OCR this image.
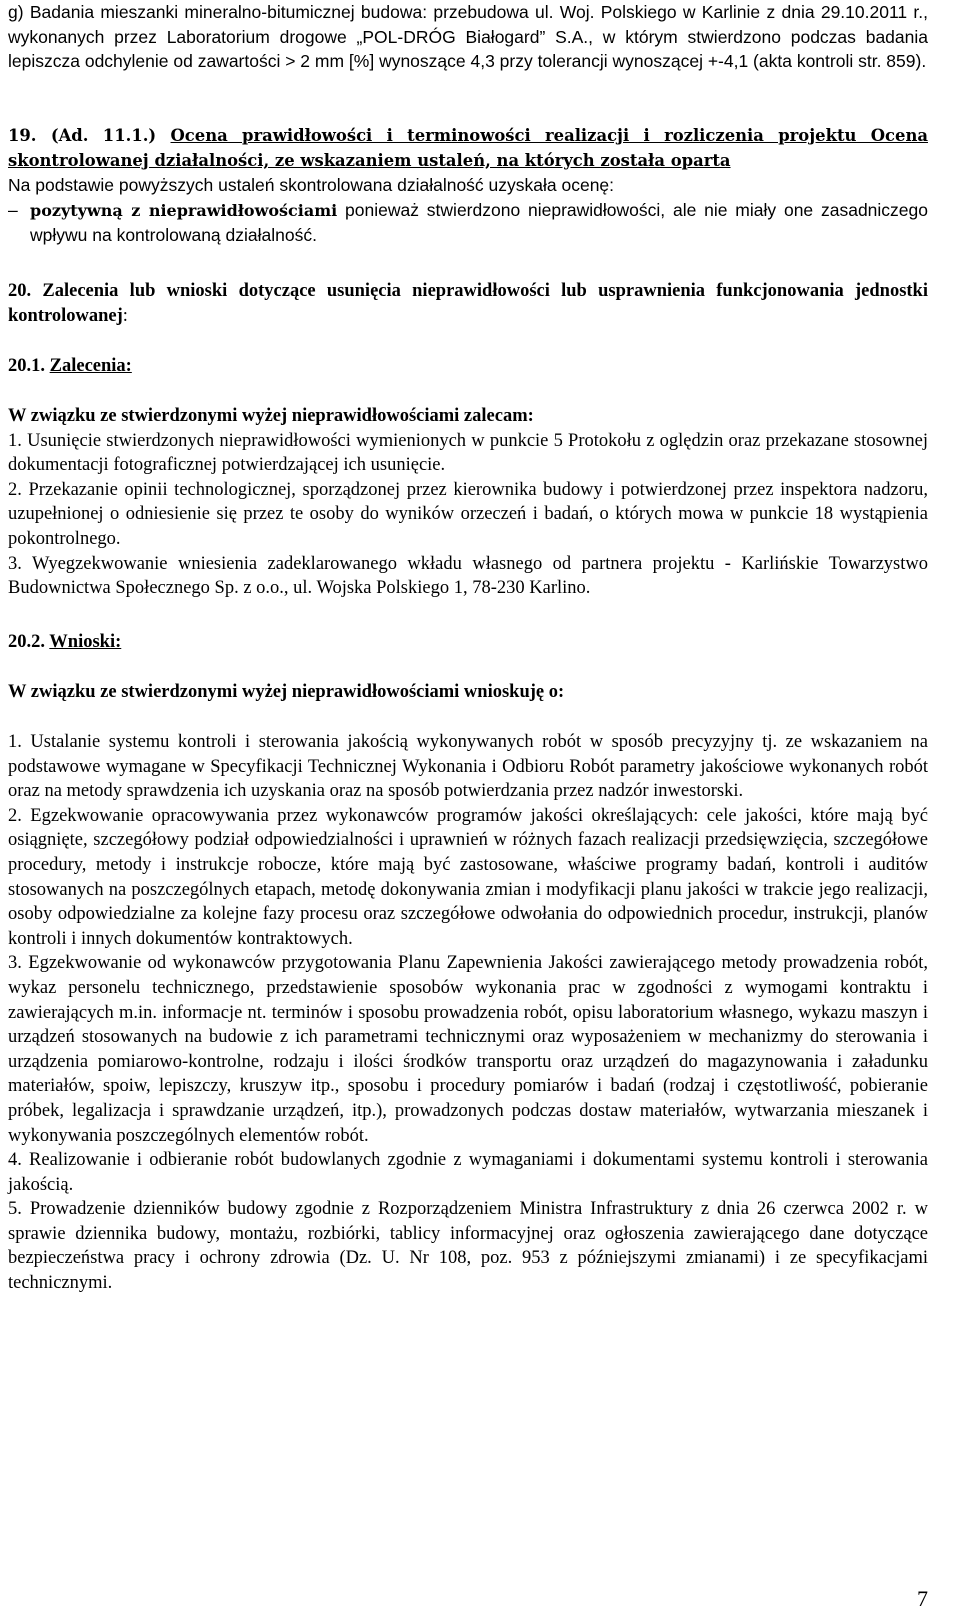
g) Badania mieszanki mineralno-bitumicznej budowa: przebudowa ul. Woj. Polskiego w Karlinie z dnia 29.10.2011 r., wykonanych przez Laboratorium drogowe „POL-DRÓG Białogard” S.A., w którym stwierdzono podczas badania lepiszcza odchylenie od zawartości > 2 mm [%] wynoszące 4,3 przy tolerancji wynoszącej +-4,1 (akta kontroli str. 859).

19. (Ad. 11.1.) Ocena prawidłowości i terminowości realizacji i rozliczenia projektu Ocena skontrolowanej działalności, ze wskazaniem ustaleń, na których została oparta

Na podstawie powyższych ustaleń skontrolowana działalność uzyskała ocenę:

– pozytywną z nieprawidłowościami ponieważ stwierdzono nieprawidłowości, ale nie miały one zasadniczego wpływu na kontrolowaną działalność.

20. Zalecenia lub wnioski dotyczące usunięcia nieprawidłowości lub usprawnienia funkcjonowania jednostki kontrolowanej:

20.1. Zalecenia:

W związku ze stwierdzonymi wyżej nieprawidłowościami zalecam:

1. Usunięcie stwierdzonych nieprawidłowości wymienionych w punkcie 5 Protokołu z oględzin oraz przekazane stosownej dokumentacji fotograficznej potwierdzającej ich usunięcie.

2. Przekazanie opinii technologicznej, sporządzonej przez kierownika budowy i potwierdzonej przez inspektora nadzoru, uzupełnionej o odniesienie się przez te osoby do wyników orzeczeń i badań, o których mowa w punkcie 18 wystąpienia pokontrolnego.

3. Wyegzekwowanie wniesienia zadeklarowanego wkładu własnego od partnera projektu - Karlińskie Towarzystwo Budownictwa Społecznego Sp. z o.o., ul. Wojska Polskiego 1, 78-230 Karlino.

20.2. Wnioski:

W związku ze stwierdzonymi wyżej nieprawidłowościami wnioskuję o:

1. Ustalanie systemu kontroli i sterowania jakością wykonywanych robót w sposób precyzyjny tj. ze wskazaniem na podstawowe wymagane w Specyfikacji Technicznej Wykonania i Odbioru Robót parametry jakościowe wykonanych robót oraz na metody sprawdzenia ich uzyskania oraz na sposób potwierdzania przez nadzór inwestorski.

2. Egzekwowanie opracowywania przez wykonawców programów jakości określających: cele jakości, które mają być osiągnięte, szczegółowy podział odpowiedzialności i uprawnień w różnych fazach realizacji przedsięwzięcia, szczegółowe procedury, metody i instrukcje robocze, które mają być zastosowane, właściwe programy badań, kontroli i auditów stosowanych na poszczególnych etapach, metodę dokonywania zmian i modyfikacji planu jakości w trakcie jego realizacji, osoby odpowiedzialne za kolejne fazy procesu oraz szczegółowe odwołania do odpowiednich procedur, instrukcji, planów kontroli i innych dokumentów kontraktowych.

3. Egzekwowanie od wykonawców przygotowania Planu Zapewnienia Jakości zawierającego metody prowadzenia robót, wykaz personelu technicznego, przedstawienie sposobów wykonania prac w zgodności z wymogami kontraktu i zawierających m.in. informacje nt. terminów i sposobu prowadzenia robót, opisu laboratorium własnego, wykazu maszyn i urządzeń stosowanych na budowie z ich parametrami technicznymi oraz wyposażeniem w mechanizmy do sterowania i urządzenia pomiarowo-kontrolne, rodzaju i ilości środków transportu oraz urządzeń do magazynowania i załadunku materiałów, spoiw, lepiszczy, kruszyw itp., sposobu i procedury pomiarów i badań (rodzaj i częstotliwość, pobieranie próbek, legalizacja i sprawdzanie urządzeń, itp.), prowadzonych podczas dostaw materiałów, wytwarzania mieszanek i wykonywania poszczególnych elementów robót.

4. Realizowanie i odbieranie robót budowlanych zgodnie z wymaganiami i dokumentami systemu kontroli i sterowania jakością.

5. Prowadzenie dzienników budowy zgodnie z Rozporządzeniem Ministra Infrastruktury z dnia 26 czerwca 2002 r. w sprawie dziennika budowy, montażu, rozbiórki, tablicy informacyjnej oraz ogłoszenia zawierającego dane dotyczące bezpieczeństwa pracy i ochrony zdrowia (Dz. U. Nr 108, poz. 953 z późniejszymi zmianami) i ze specyfikacjami technicznymi.

7
